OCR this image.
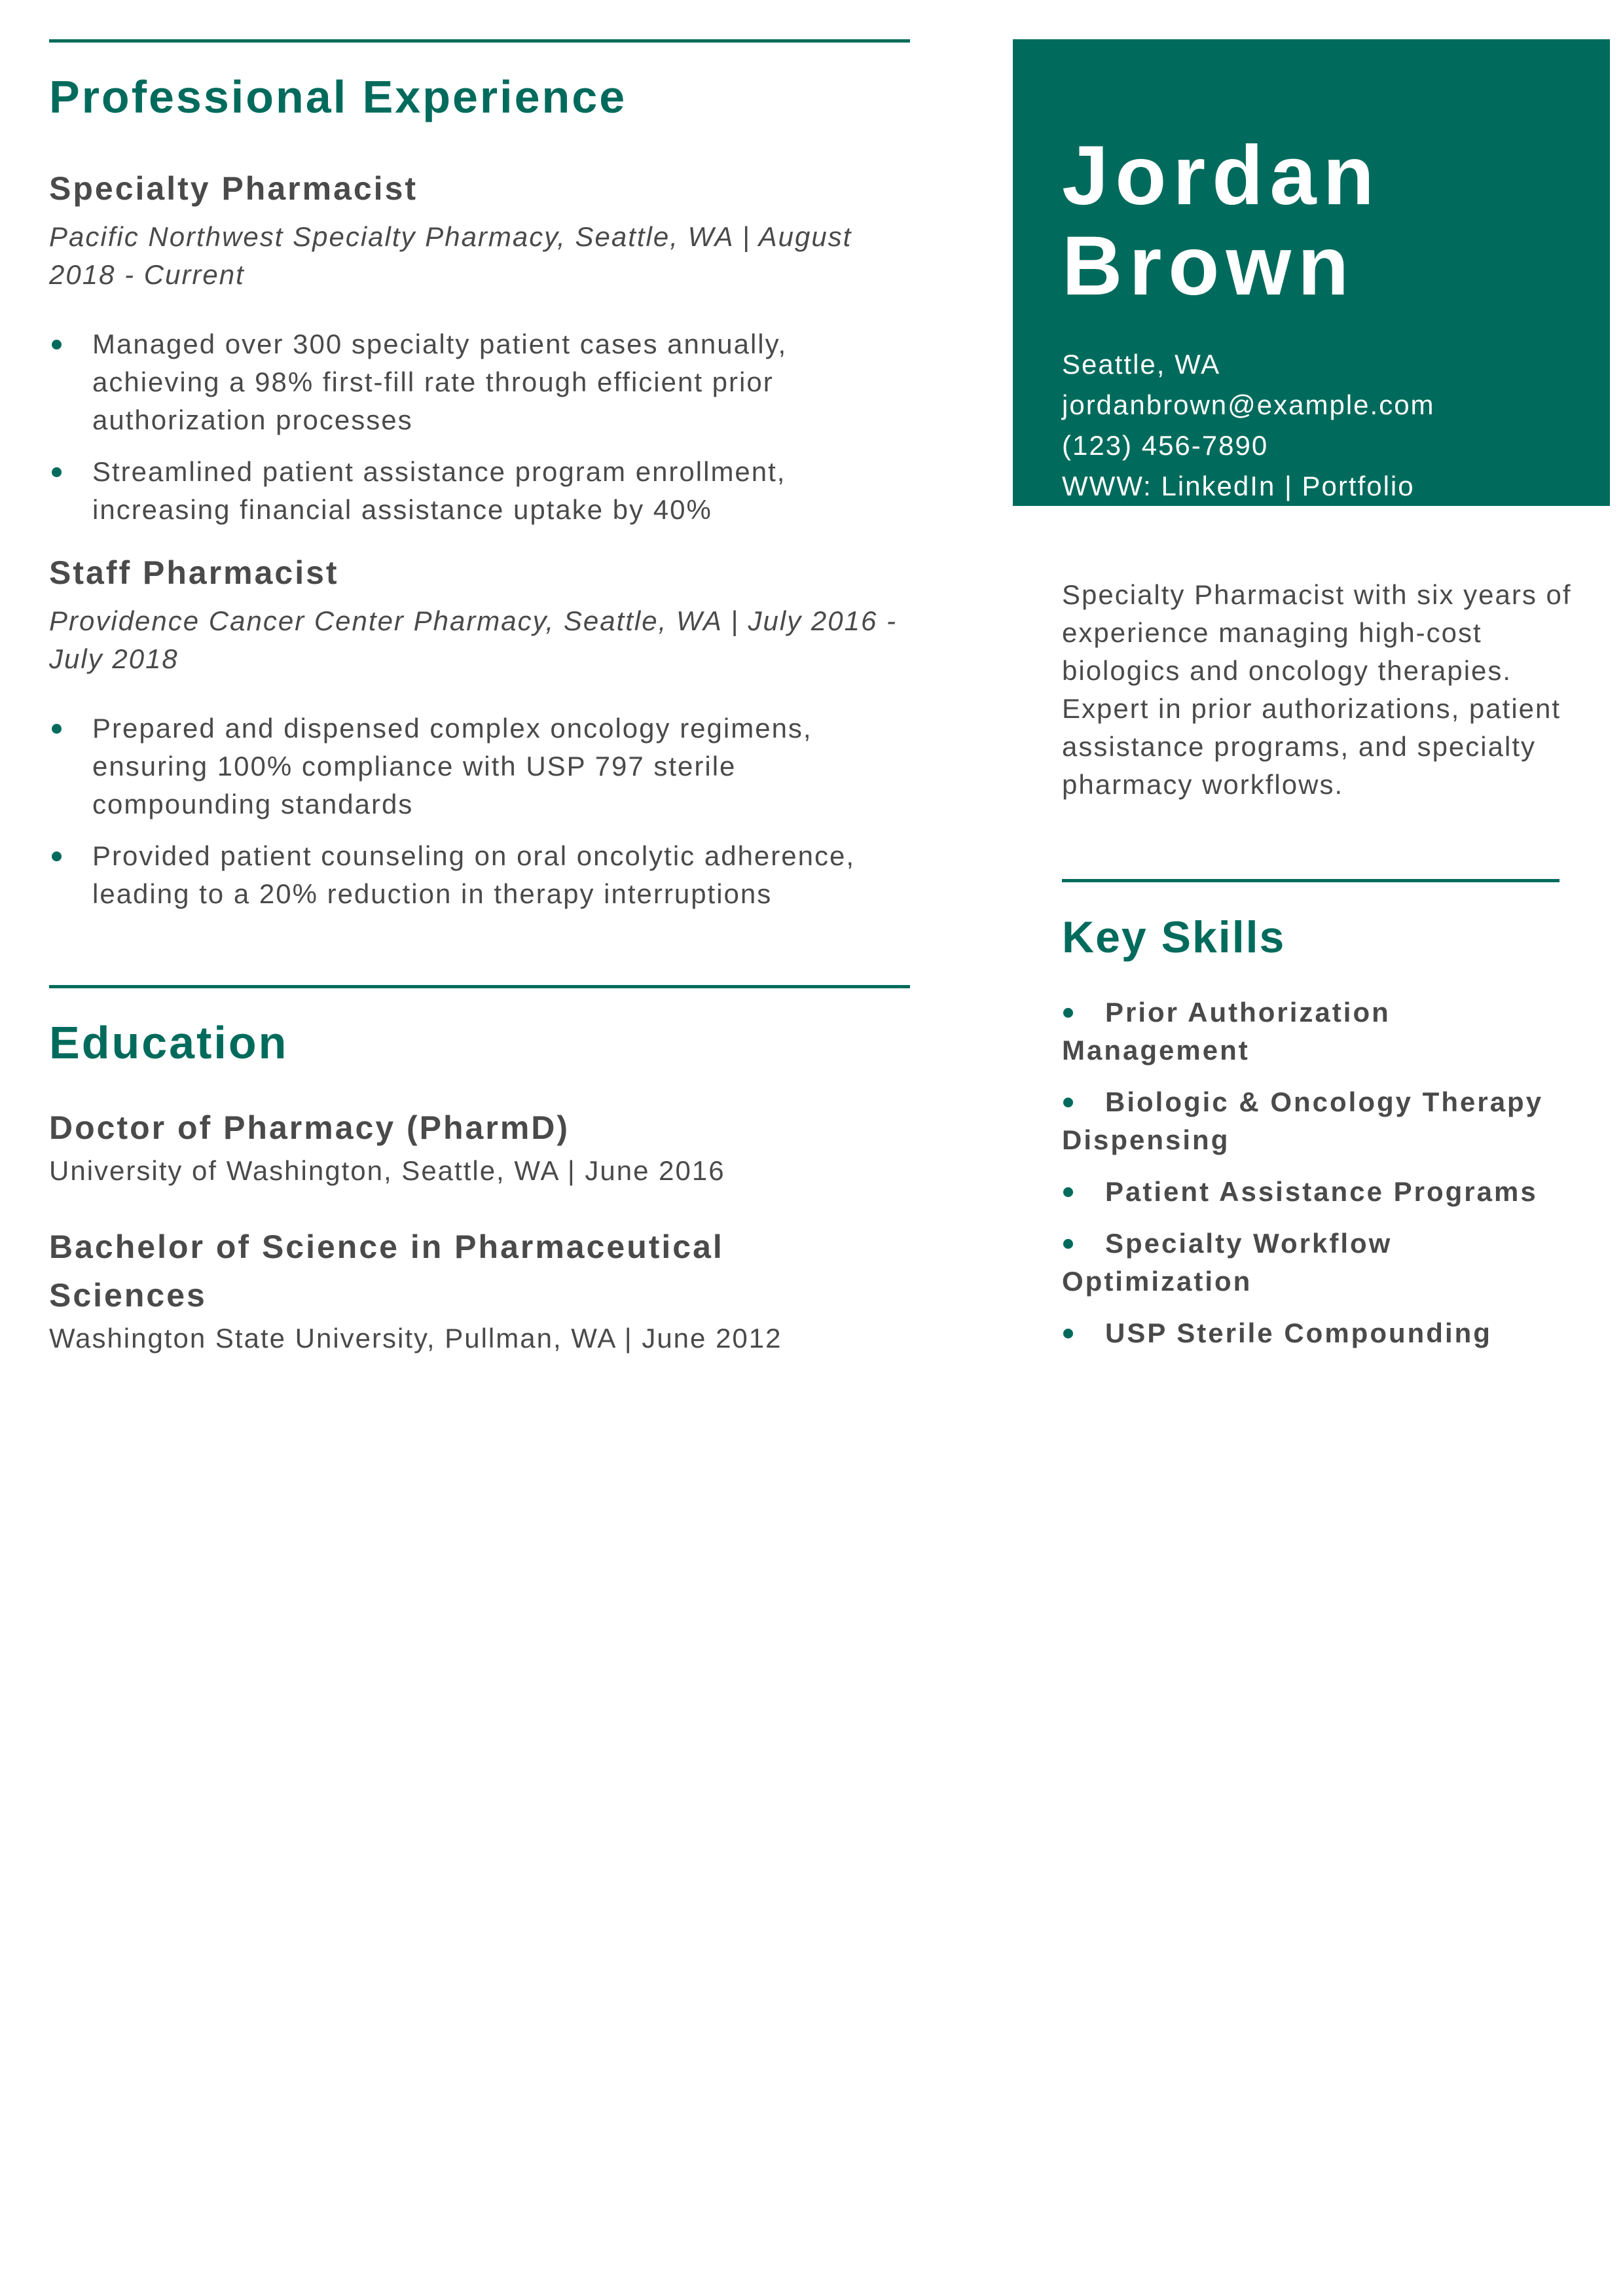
Professional Experience
Specialty Pharmacist
Pacific Northwest Specialty Pharmacy, Seattle, WA | August 2018 - Current
Managed over 300 specialty patient cases annually, achieving a 98% first-fill rate through efficient prior authorization processes
Streamlined patient assistance program enrollment, increasing financial assistance uptake by 40%
Staff Pharmacist
Providence Cancer Center Pharmacy, Seattle, WA | July 2016 - July 2018
Prepared and dispensed complex oncology regimens, ensuring 100% compliance with USP 797 sterile compounding standards
Provided patient counseling on oral oncolytic adherence, leading to a 20% reduction in therapy interruptions
Education
Doctor of Pharmacy (PharmD)
University of Washington, Seattle, WA | June 2016
Bachelor of Science in Pharmaceutical Sciences
Washington State University, Pullman, WA | June 2012
Jordan
Brown
Seattle, WA
jordanbrown@example.com
(123) 456-7890
WWW: LinkedIn | Portfolio
Specialty Pharmacist with six years of experience managing high-cost biologics and oncology therapies. Expert in prior authorizations, patient assistance programs, and specialty pharmacy workflows.
Key Skills
Prior Authorization Management
Biologic & Oncology Therapy Dispensing
Patient Assistance Programs
Specialty Workflow Optimization
USP Sterile Compounding
